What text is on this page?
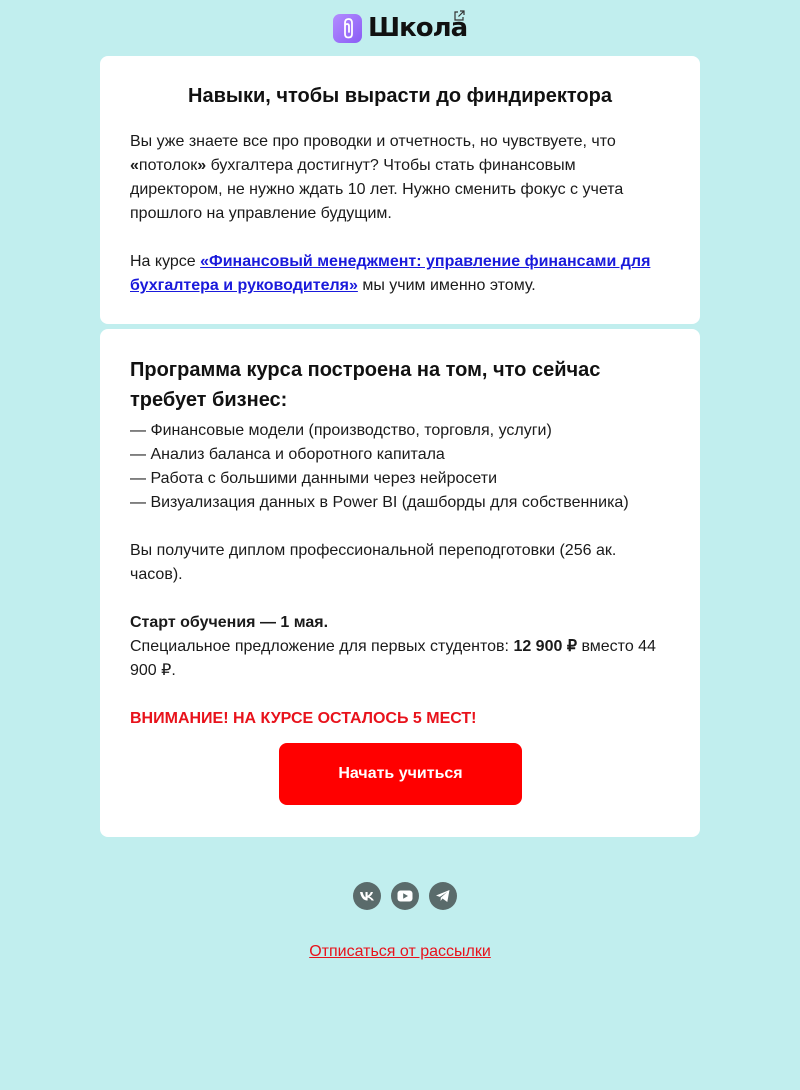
Школа
Навыки, чтобы вырасти до финдиректора
Вы уже знаете все про проводки и отчетность, но чувствуете, что «потолок» бухгалтера достигнут? Чтобы стать финансовым директором, не нужно ждать 10 лет. Нужно сменить фокус с учета прошлого на управление будущим.
На курсе «Финансовый менеджмент: управление финансами для бухгалтера и руководителя» мы учим именно этому.
Программа курса построена на том, что сейчас требует бизнес:
— Финансовые модели (производство, торговля, услуги)
— Анализ баланса и оборотного капитала
— Работа с большими данными через нейросети
— Визуализация данных в Power BI (дашборды для собственника)
Вы получите диплом профессиональной переподготовки (256 ак. часов).
Старт обучения — 1 мая.
Специальное предложение для первых студентов: 12 900 ₽ вместо 44 900 ₽.
ВНИМАНИЕ! НА КУРСЕ ОСТАЛОСЬ 5 МЕСТ!
Начать учиться
Отписаться от рассылки
